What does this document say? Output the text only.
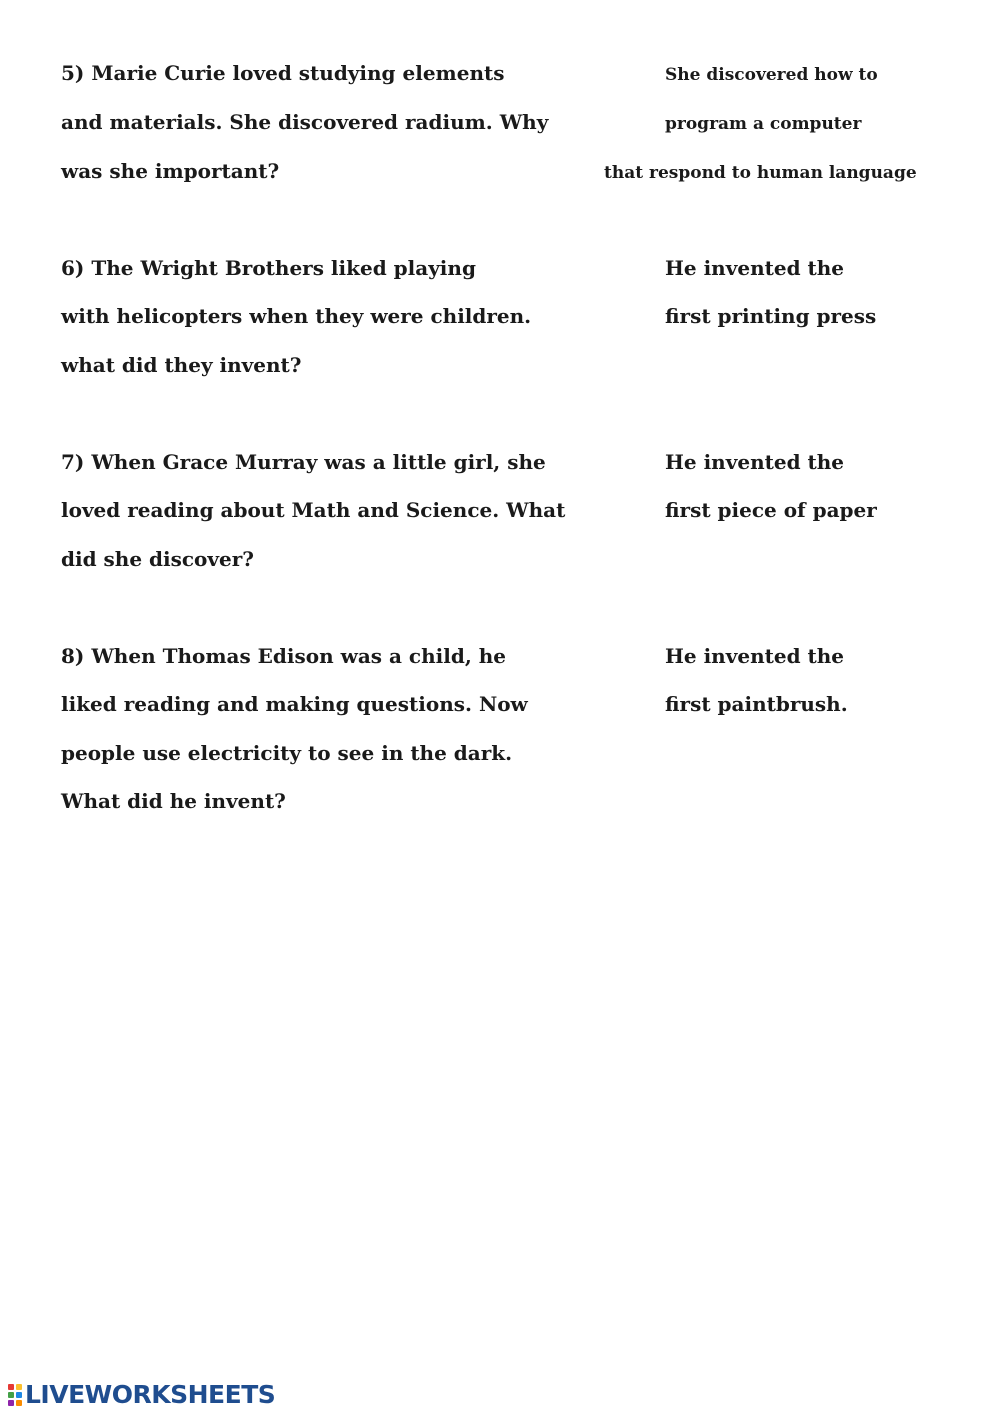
5) Marie Curie loved studying elements
and materials. She discovered radium. Why
was she important?
She discovered how to
program a computer
that respond to human language
6) The Wright Brothers liked playing
with helicopters when they were children.
what did they invent?
He invented the
first printing press
7) When Grace Murray was a little girl, she
loved reading about Math and Science. What
did she discover?
He invented the
first piece of paper
8) When Thomas Edison was a child, he
liked reading and making questions. Now
people use electricity to see in the dark.
What did he invent?
He invented the
first paintbrush.
LIVEWORKSHEETS
